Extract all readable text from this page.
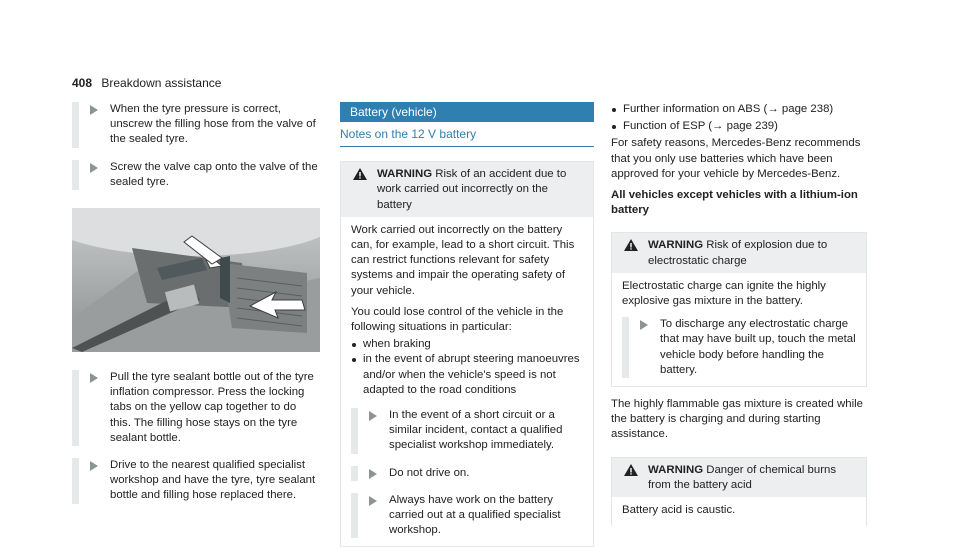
408 Breakdown assistance
When the tyre pressure is correct, unscrew the filling hose from the valve of the sealed tyre.
Screw the valve cap onto the valve of the sealed tyre.
Pull the tyre sealant bottle out of the tyre inflation compressor. Press the locking tabs on the yellow cap together to do this. The filling hose stays on the tyre sealant bottle.
Drive to the nearest qualified specialist workshop and have the tyre, tyre sealant bottle and filling hose replaced there.
Battery (vehicle)
Notes on the 12 V battery
WARNING Risk of an accident due to work carried out incorrectly on the battery
Work carried out incorrectly on the battery can, for example, lead to a short circuit. This can restrict functions relevant for safety systems and impair the operating safety of your vehicle.
You could lose control of the vehicle in the following situations in particular:
when braking
in the event of abrupt steering manoeuvres and/or when the vehicle's speed is not adapted to the road conditions
In the event of a short circuit or a similar incident, contact a qualified specialist workshop immediately.
Do not drive on.
Always have work on the battery carried out at a qualified specialist workshop.
Further information on ABS (→ page 238)
Function of ESP (→ page 239)
For safety reasons, Mercedes-Benz recommends that you only use batteries which have been approved for your vehicle by Mercedes-Benz.
All vehicles except vehicles with a lithium-ion battery
WARNING Risk of explosion due to electrostatic charge
Electrostatic charge can ignite the highly explosive gas mixture in the battery.
To discharge any electrostatic charge that may have built up, touch the metal vehicle body before handling the battery.
The highly flammable gas mixture is created while the battery is charging and during starting assistance.
WARNING Danger of chemical burns from the battery acid
Battery acid is caustic.
